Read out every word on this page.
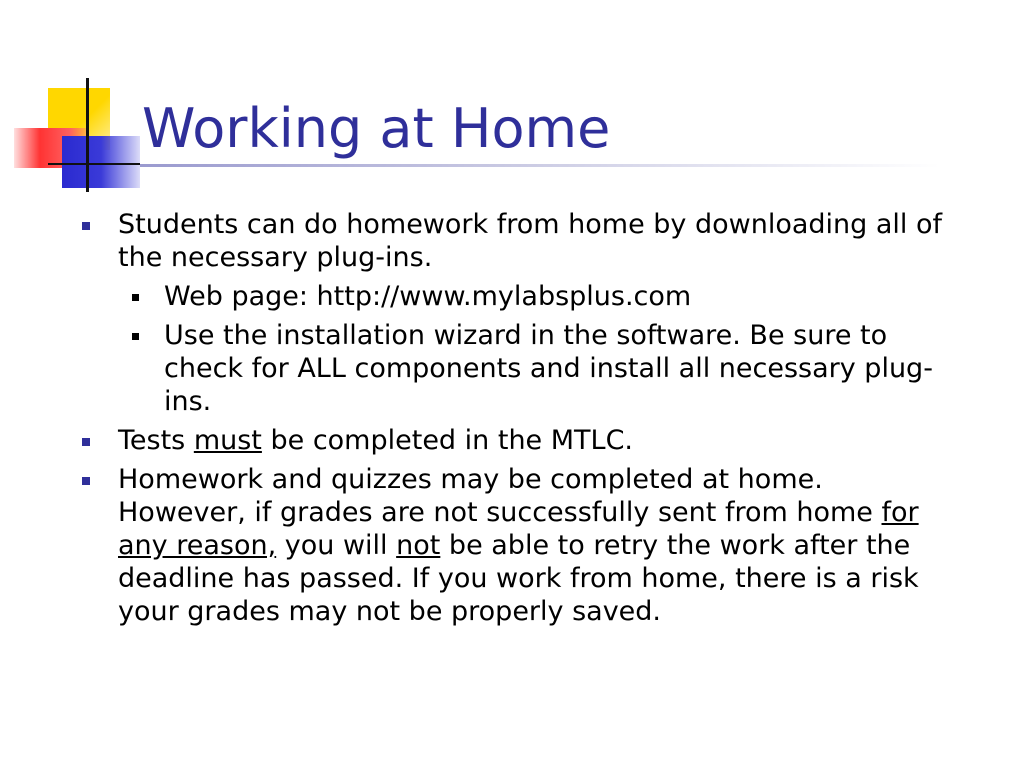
Working at Home
Students can do homework from home by downloading all of the necessary plug-ins.
Web page: http://www.mylabsplus.com
Use the installation wizard in the software. Be sure to check for ALL components and install all necessary plug-ins.
Tests must be completed in the MTLC.
Homework and quizzes may be completed at home. However, if grades are not successfully sent from home for any reason, you will not be able to retry the work after the deadline has passed. If you work from home, there is a risk your grades may not be properly saved.
